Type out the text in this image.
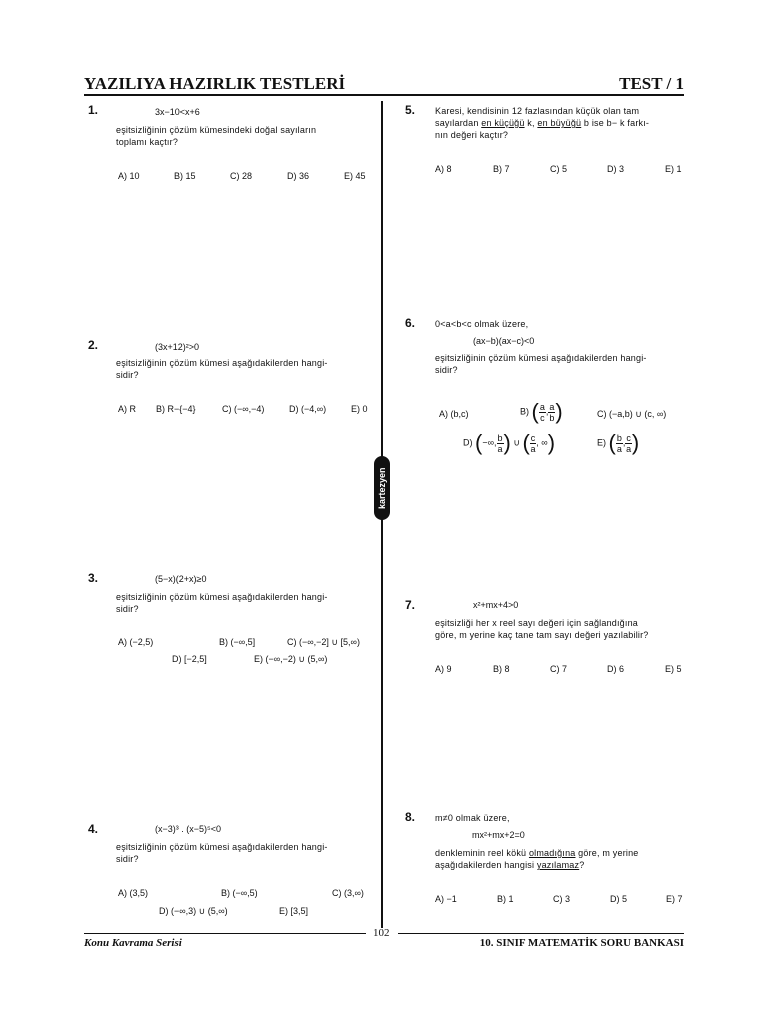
YAZILIYA HAZIRLIK TESTLERİ	TEST / 1
kartezyen
1.	3x−10<x+6
eşitsizliğinin çözüm kümesindeki doğal sayıların
toplamı kaçtır?
A) 10	B) 15	C) 28	D) 36	E) 45
2.	(3x+12)²>0
eşitsizliğinin çözüm kümesi aşağıdakilerden hangi-
sidir?
A) R B) R−{−4}	C) (−∞,−4)	D) (−4,∞)	E) 0
3.	(5−x)(2+x)≥0
eşitsizliğinin çözüm kümesi aşağıdakilerden hangi-
sidir?
A) (−2,5)	B) (−∞,5]	C) (−∞,−2] ∪ [5,∞)
D) [−2,5]	E) (−∞,−2) ∪ (5,∞)
4.	(x−3)³ . (x−5)⁵<0
eşitsizliğinin çözüm kümesi aşağıdakilerden hangi-
sidir?
A) (3,5)	B) (−∞,5)	C) (3,∞)
D) (−∞,3) ∪ (5,∞)	E) [3,5]
5. Karesi, kendisinin 12 fazlasından küçük olan tam
sayılardan en küçüğü k, en büyüğü b ise b− k farkı-
nın değeri kaçtır?
A) 8	B) 7	C) 5	D) 3	E) 1
6. 0<a<b<c olmak üzere,
(ax−b)(ax−c)<0
eşitsizliğinin çözüm kümesi aşağıdakilerden hangi-
sidir?
A) (b,c)	B) ( $\frac{a}{c}$ , $\frac{a}{b}$ )	C) (−a,b) ∪ (c, ∞)
D) (−∞, $\frac{b}{a}$ ) ∪ ( $\frac{c}{a}$ , ∞)	E) ( $\frac{b}{a}$ , $\frac{c}{a}$ )
7.	x²+mx+4>0
eşitsizliği her x reel sayı değeri için sağlandığına
göre, m yerine kaç tane tam sayı değeri yazılabilir?
A) 9	B) 8	C) 7	D) 6	E) 5
8. m≠0 olmak üzere,
mx²+mx+2=0
denkleminin reel kökü olmadığına göre, m yerine
aşağıdakilerden hangisi yazılamaz?
A) −1	B) 1	C) 3	D) 5	E) 7
102
Konu Kavrama Serisi	10. SINIF MATEMATİK SORU BANKASI
